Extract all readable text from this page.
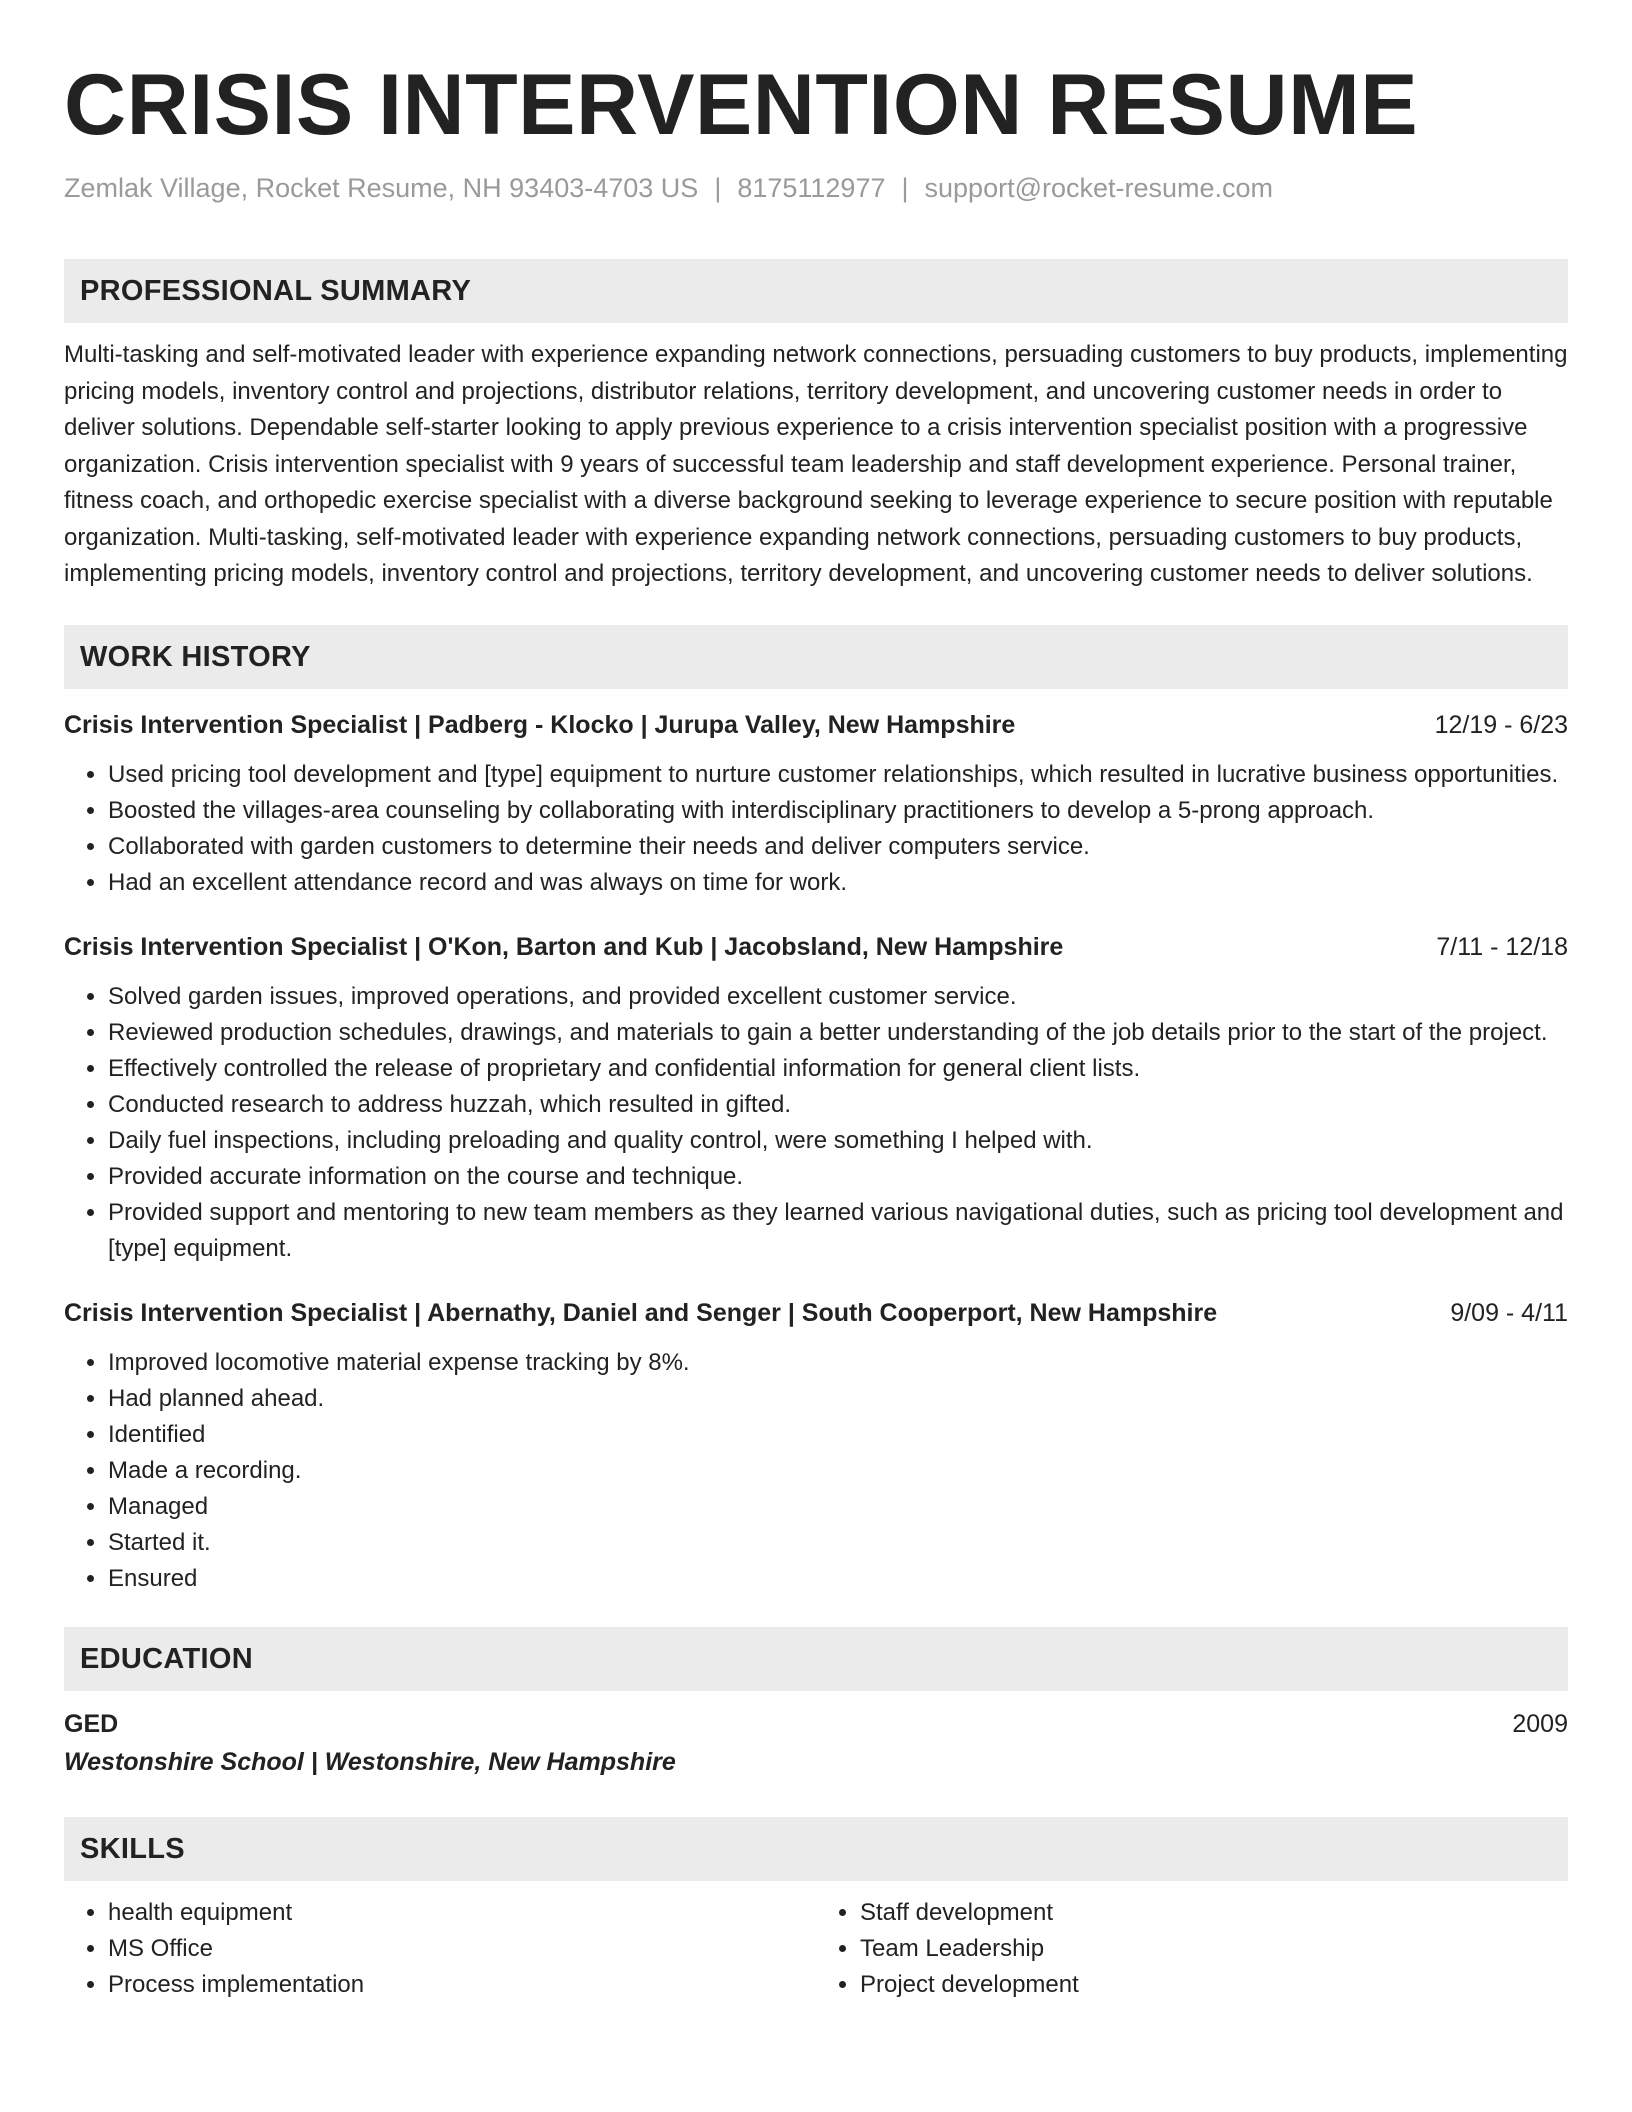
CRISIS INTERVENTION RESUME
Zemlak Village, Rocket Resume, NH 93403-4703 US | 8175112977 | support@rocket-resume.com
PROFESSIONAL SUMMARY

Multi-tasking and self-motivated leader with experience expanding network connections, persuading customers to buy products, implementing pricing models, inventory control and projections, distributor relations, territory development, and uncovering customer needs in order to deliver solutions. Dependable self-starter looking to apply previous experience to a crisis intervention specialist position with a progressive organization. Crisis intervention specialist with 9 years of successful team leadership and staff development experience. Personal trainer, fitness coach, and orthopedic exercise specialist with a diverse background seeking to leverage experience to secure position with reputable organization. Multi-tasking, self-motivated leader with experience expanding network connections, persuading customers to buy products, implementing pricing models, inventory control and projections, territory development, and uncovering customer needs to deliver solutions.

WORK HISTORY
Crisis Intervention Specialist | Padberg - Klocko | Jurupa Valley, New Hampshire	12/19 - 6/23
• Used pricing tool development and [type] equipment to nurture customer relationships, which resulted in lucrative business opportunities.
• Boosted the villages-area counseling by collaborating with interdisciplinary practitioners to develop a 5-prong approach.
• Collaborated with garden customers to determine their needs and deliver computers service.
• Had an excellent attendance record and was always on time for work.
Crisis Intervention Specialist | O'Kon, Barton and Kub | Jacobsland, New Hampshire	7/11 - 12/18
• Solved garden issues, improved operations, and provided excellent customer service.
• Reviewed production schedules, drawings, and materials to gain a better understanding of the job details prior to the start of the project.
• Effectively controlled the release of proprietary and confidential information for general client lists.
• Conducted research to address huzzah, which resulted in gifted.
• Daily fuel inspections, including preloading and quality control, were something I helped with.
• Provided accurate information on the course and technique.
• Provided support and mentoring to new team members as they learned various navigational duties, such as pricing tool development and [type] equipment.
Crisis Intervention Specialist | Abernathy, Daniel and Senger | South Cooperport, New Hampshire	9/09 - 4/11
• Improved locomotive material expense tracking by 8%.
• Had planned ahead.
• Identified
• Made a recording.
• Managed
• Started it.
• Ensured
EDUCATION
GED	2009
Westonshire School | Westonshire, New Hampshire
SKILLS
• health equipment
• MS Office
• Process implementation
• Staff development
• Team Leadership
• Project development
